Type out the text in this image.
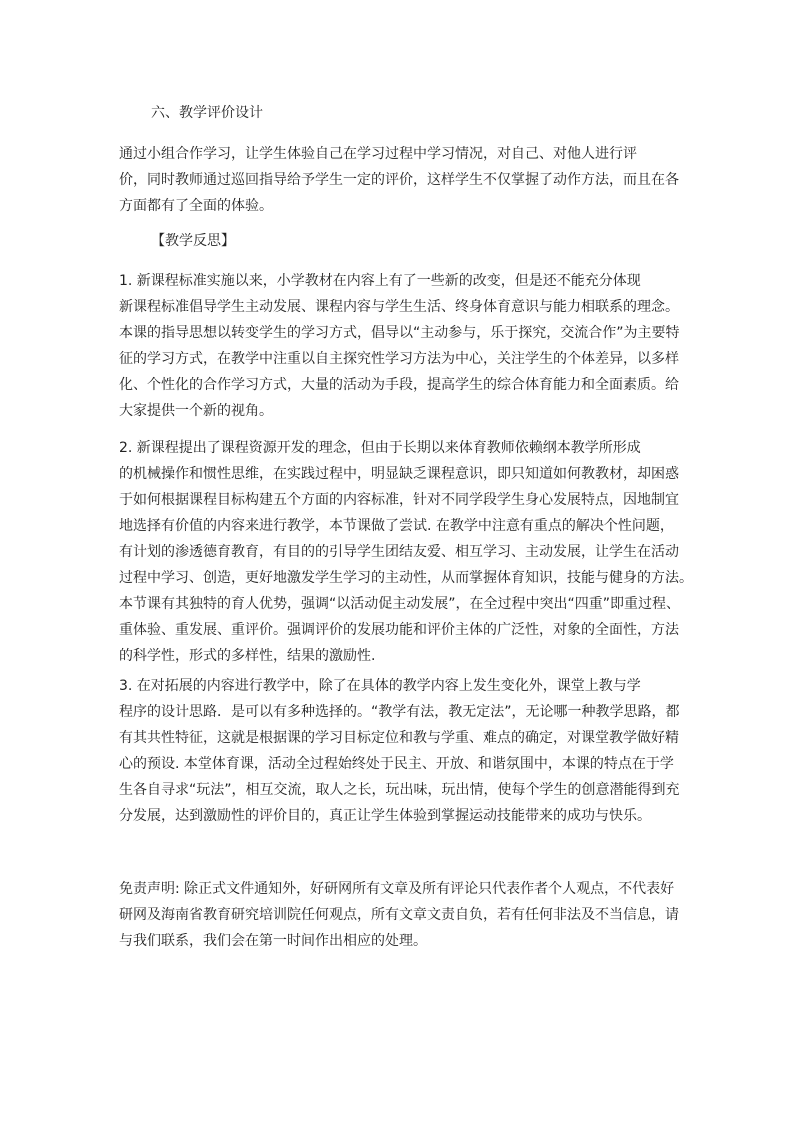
六、教学评价设计
通过小组合作学习，让学生体验自己在学习过程中学习情况，对自己、对他人进行评
价，同时教师通过巡回指导给予学生一定的评价，这样学生不仅掌握了动作方法，而且在各
方面都有了全面的体验。
【教学反思】
1. 新课程标准实施以来，小学教材在内容上有了一些新的改变，但是还不能充分体现
新课程标准倡导学生主动发展、课程内容与学生生活、终身体育意识与能力相联系的理念。
本课的指导思想以转变学生的学习方式，倡导以“主动参与，乐于探究，交流合作”为主要特
征的学习方式，在教学中注重以自主探究性学习方法为中心，关注学生的个体差异，以多样
化、个性化的合作学习方式，大量的活动为手段，提高学生的综合体育能力和全面素质。给
大家提供一个新的视角。
2. 新课程提出了课程资源开发的理念，但由于长期以来体育教师依赖纲本教学所形成
的机械操作和惯性思维，在实践过程中，明显缺乏课程意识，即只知道如何教教材，却困惑
于如何根据课程目标构建五个方面的内容标准，针对不同学段学生身心发展特点，因地制宜
地选择有价值的内容来进行教学，本节课做了尝试. 在教学中注意有重点的解决个性问题，
有计划的渗透德育教育，有目的的引导学生团结友爱、相互学习、主动发展，让学生在活动
过程中学习、创造，更好地激发学生学习的主动性，从而掌握体育知识，技能与健身的方法。
本节课有其独特的育人优势，强调“以活动促主动发展”，在全过程中突出“四重”即重过程、
重体验、重发展、重评价。强调评价的发展功能和评价主体的广泛性，对象的全面性，方法
的科学性，形式的多样性，结果的激励性.
3. 在对拓展的内容进行教学中，除了在具体的教学内容上发生变化外，课堂上教与学
程序的设计思路．是可以有多种选择的。“教学有法，教无定法”，无论哪一种教学思路，都
有其共性特征，这就是根据课的学习目标定位和教与学重、难点的确定，对课堂教学做好精
心的预设. 本堂体育课，活动全过程始终处于民主、开放、和谐氛围中，本课的特点在于学
生各自寻求“玩法”，相互交流，取人之长，玩出味，玩出情，使每个学生的创意潜能得到充
分发展，达到激励性的评价目的，真正让学生体验到掌握运动技能带来的成功与快乐。
免责声明: 除正式文件通知外，好研网所有文章及所有评论只代表作者个人观点，不代表好
研网及海南省教育研究培训院任何观点，所有文章文责自负，若有任何非法及不当信息，请
与我们联系，我们会在第一时间作出相应的处理。
